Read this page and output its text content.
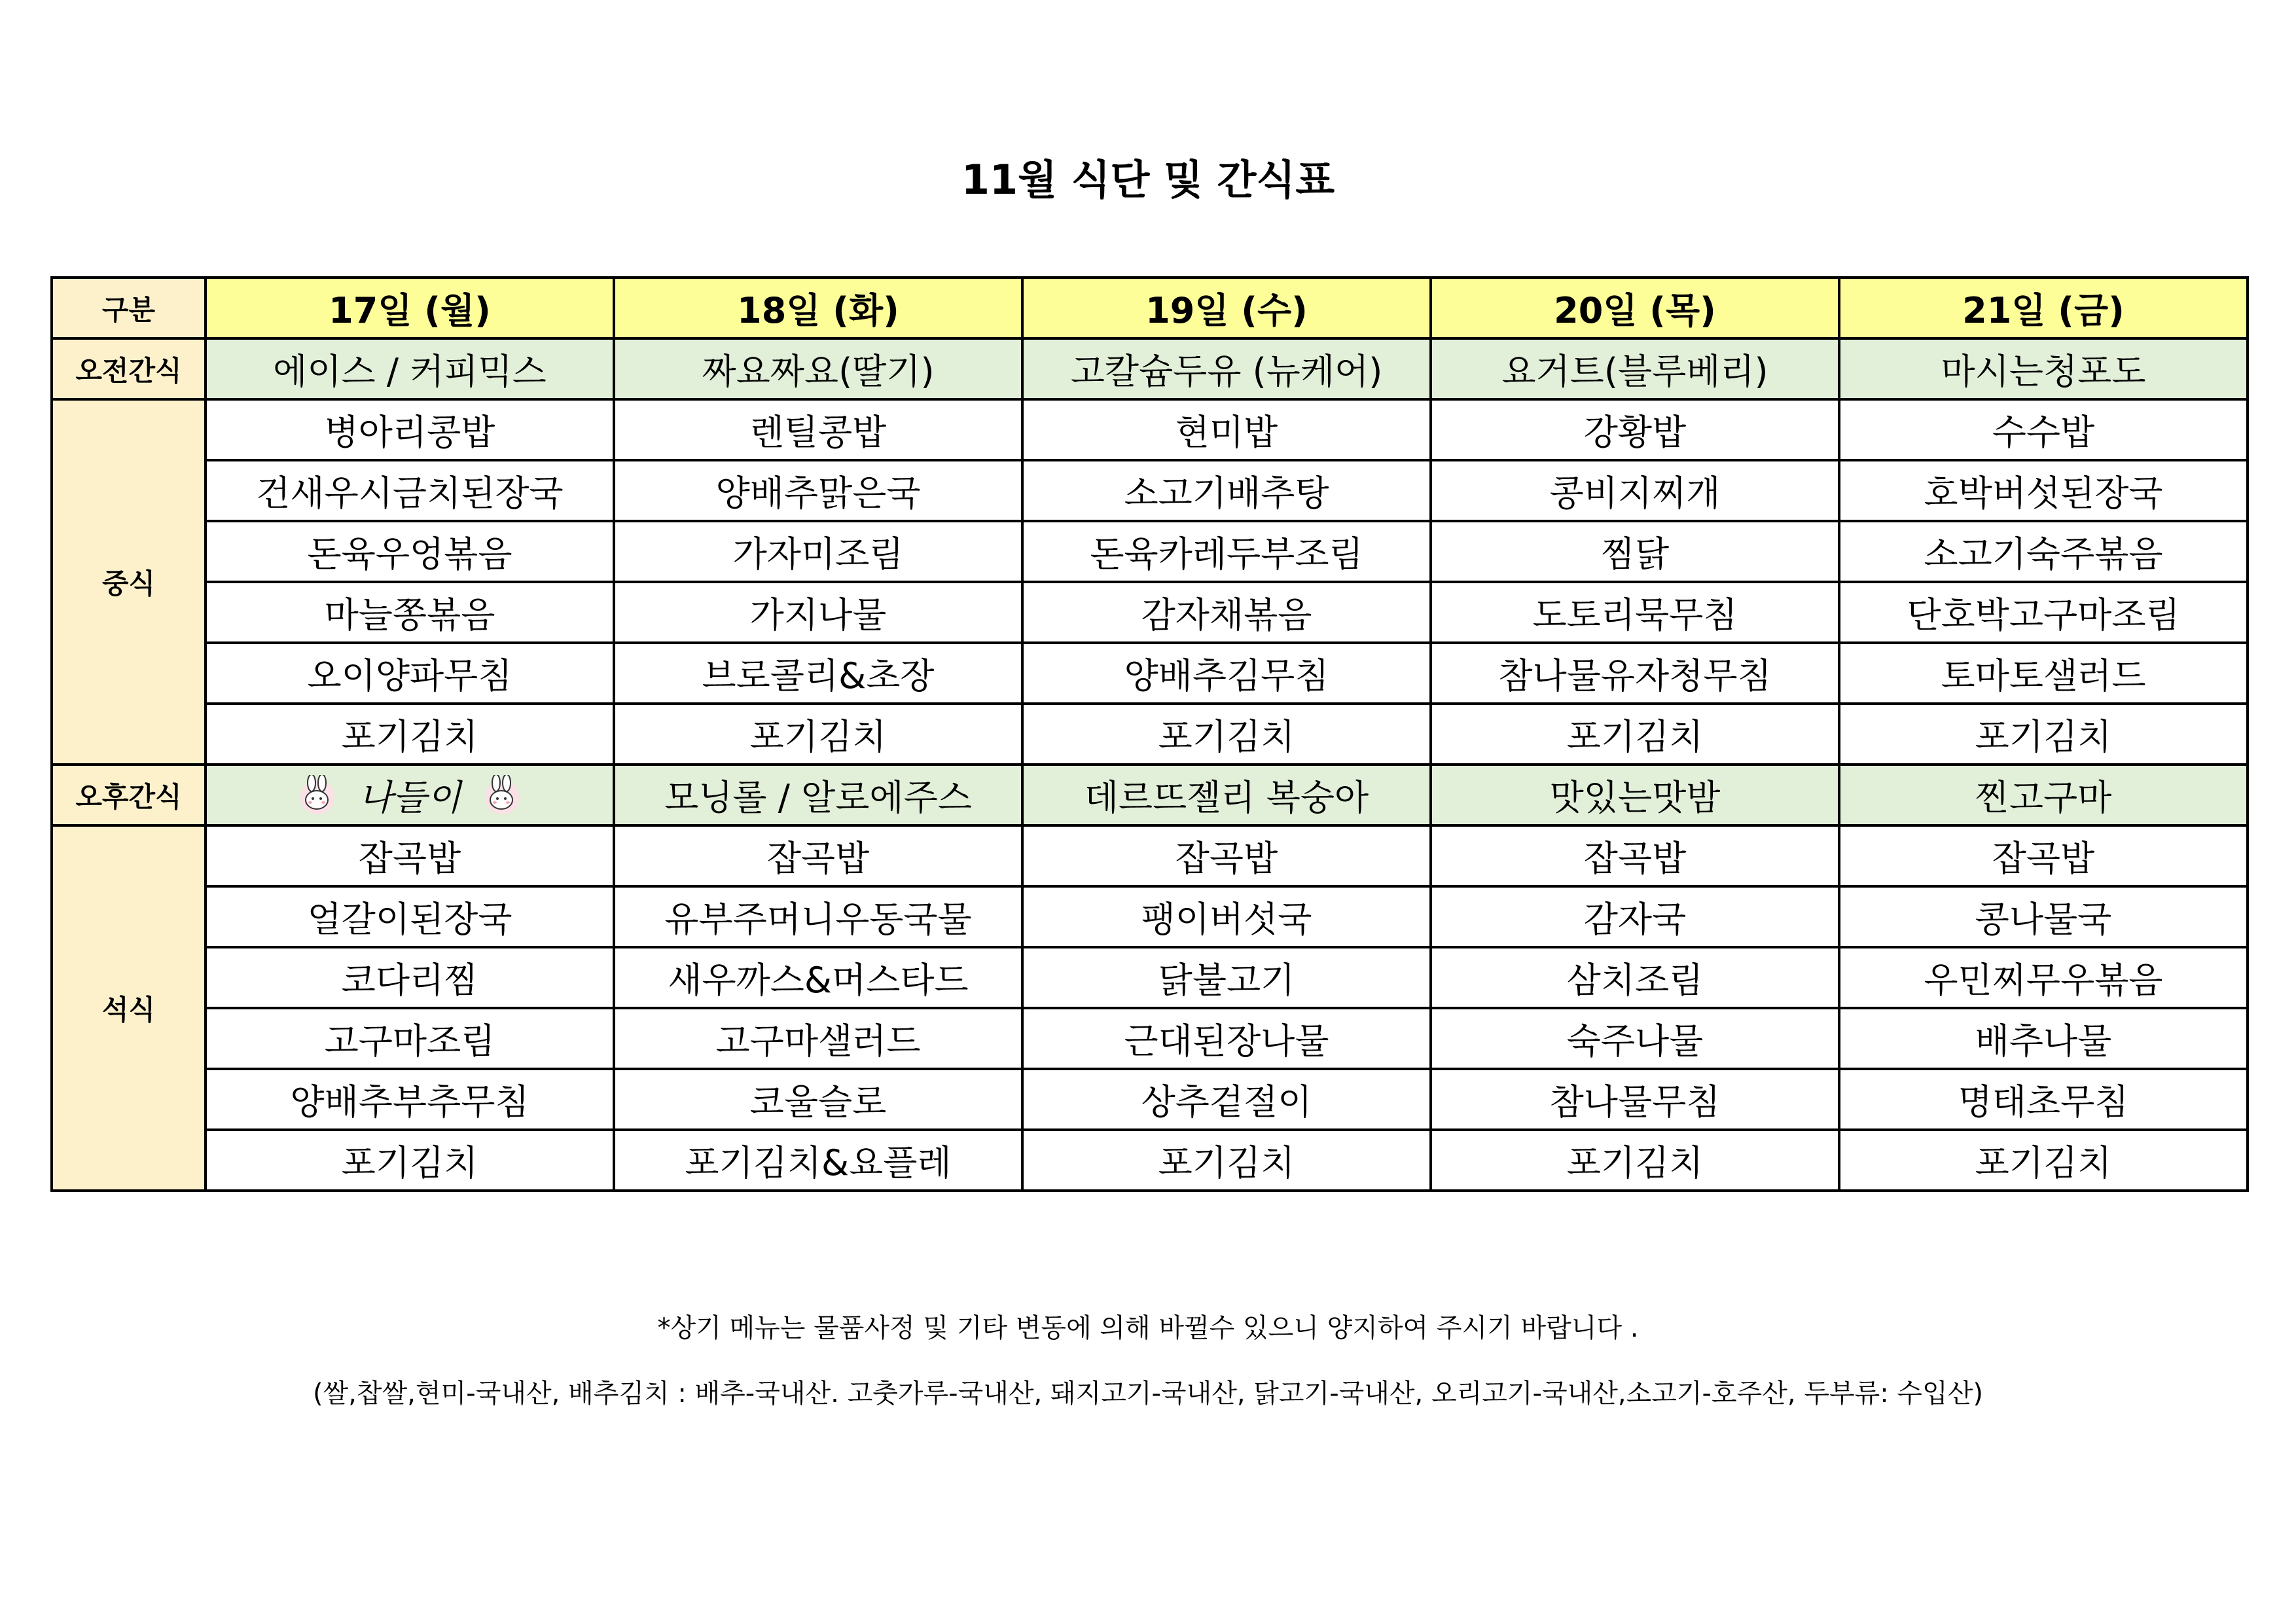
11월 식단 및 간식표
구분	17일 (월)	18일 (화)	19일 (수)	20일 (목)	21일 (금)
오전간식	에이스 / 커피믹스	짜요짜요(딸기)	고칼슘두유 (뉴케어)	요거트(블루베리)	마시는청포도
중식	병아리콩밥	렌틸콩밥	현미밥	강황밥	수수밥
	건새우시금치된장국	양배추맑은국	소고기배추탕	콩비지찌개	호박버섯된장국
	돈육우엉볶음	가자미조림	돈육카레두부조림	찜닭	소고기숙주볶음
	마늘쫑볶음	가지나물	감자채볶음	도토리묵무침	단호박고구마조림
	오이양파무침	브로콜리&초장	양배추김무침	참나물유자청무침	토마토샐러드
	포기김치	포기김치	포기김치	포기김치	포기김치
오후간식	나들이	모닝롤 / 알로에주스	데르뜨젤리 복숭아	맛있는맛밤	찐고구마
석식	잡곡밥	잡곡밥	잡곡밥	잡곡밥	잡곡밥
	얼갈이된장국	유부주머니우동국물	팽이버섯국	감자국	콩나물국
	코다리찜	새우까스&머스타드	닭불고기	삼치조림	우민찌무우볶음
	고구마조림	고구마샐러드	근대된장나물	숙주나물	배추나물
	양배추부추무침	코울슬로	상추겉절이	참나물무침	명태초무침
	포기김치	포기김치&요플레	포기김치	포기김치	포기김치
*상기 메뉴는 물품사정 및 기타 변동에 의해 바뀔수 있으니 양지하여 주시기 바랍니다 .
(쌀,찹쌀,현미-국내산, 배추김치 : 배추-국내산. 고춧가루-국내산, 돼지고기-국내산, 닭고기-국내산, 오리고기-국내산,소고기-호주산, 두부류: 수입산)
